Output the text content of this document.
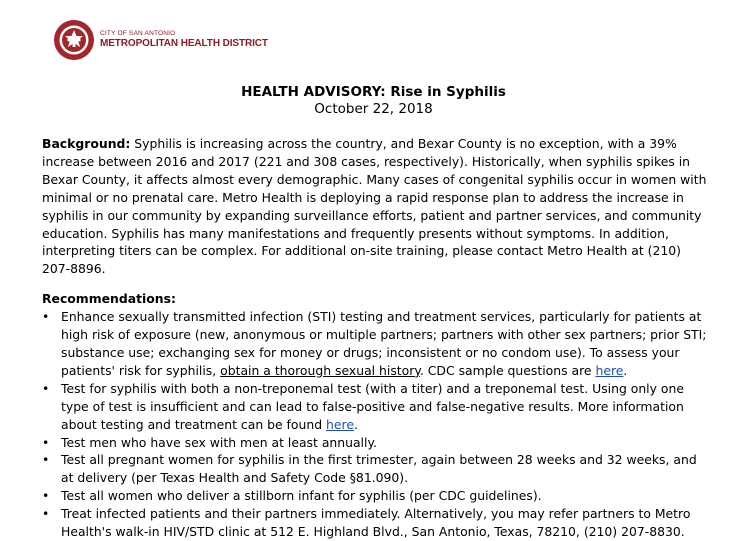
CITY OF SAN ANTONIO
METROPOLITAN HEALTH DISTRICT
HEALTH ADVISORY: Rise in Syphilis
October 22, 2018

Background: Syphilis is increasing across the country, and Bexar County is no exception, with a 39% increase between 2016 and 2017 (221 and 308 cases, respectively). Historically, when syphilis spikes in Bexar County, it affects almost every demographic. Many cases of congenital syphilis occur in women with minimal or no prenatal care. Metro Health is deploying a rapid response plan to address the increase in syphilis in our community by expanding surveillance efforts, patient and partner services, and community education. Syphilis has many manifestations and frequently presents without symptoms. In addition, interpreting titers can be complex. For additional on-site training, please contact Metro Health at (210) 207-8896.

Recommendations:
• Enhance sexually transmitted infection (STI) testing and treatment services, particularly for patients at high risk of exposure (new, anonymous or multiple partners; partners with other sex partners; prior STI; substance use; exchanging sex for money or drugs; inconsistent or no condom use). To assess your patients' risk for syphilis, obtain a thorough sexual history. CDC sample questions are here.
• Test for syphilis with both a non-treponemal test (with a titer) and a treponemal test. Using only one type of test is insufficient and can lead to false-positive and false-negative results. More information about testing and treatment can be found here.
• Test men who have sex with men at least annually.
• Test all pregnant women for syphilis in the first trimester, again between 28 weeks and 32 weeks, and at delivery (per Texas Health and Safety Code §81.090).
• Test all women who deliver a stillborn infant for syphilis (per CDC guidelines).
• Treat infected patients and their partners immediately. Alternatively, you may refer partners to Metro Health's walk-in HIV/STD clinic at 512 E. Highland Blvd., San Antonio, Texas, 78210, (210) 207-8830.
